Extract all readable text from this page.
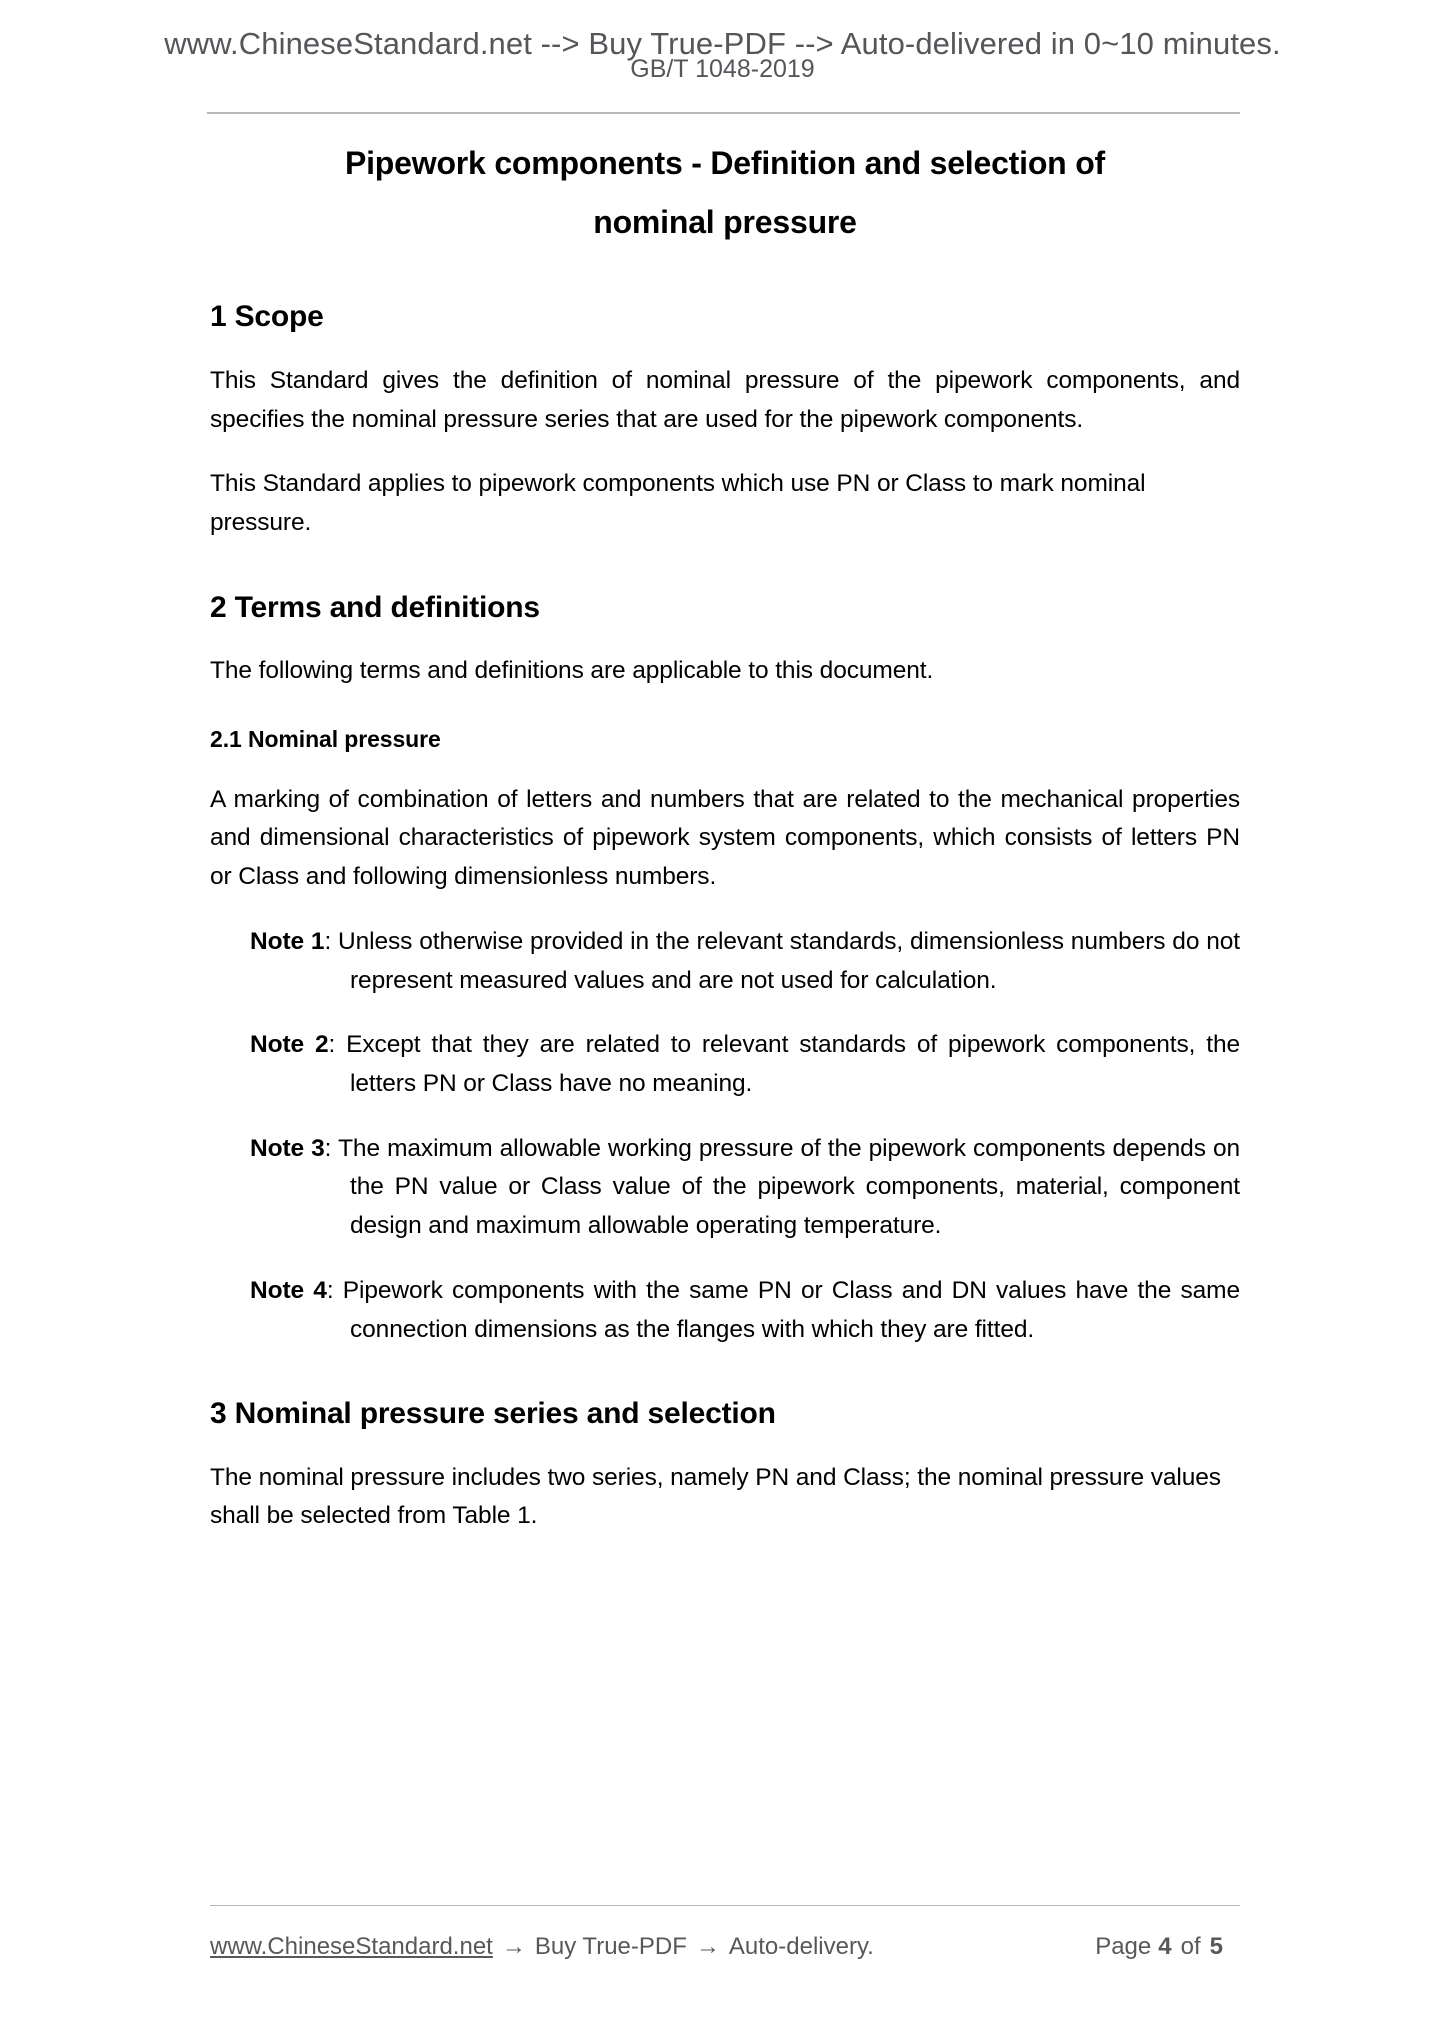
www.ChineseStandard.net --> Buy True-PDF --> Auto-delivered in 0~10 minutes.
GB/T 1048-2019
Pipework components - Definition and selection of
nominal pressure
1 Scope

This Standard gives the definition of nominal pressure of the pipework components, and specifies the nominal pressure series that are used for the pipework components.

This Standard applies to pipework components which use PN or Class to mark nominal pressure.

2 Terms and definitions

The following terms and definitions are applicable to this document.

2.1 Nominal pressure

A marking of combination of letters and numbers that are related to the mechanical properties and dimensional characteristics of pipework system components, which consists of letters PN or Class and following dimensionless numbers.

Note 1: Unless otherwise provided in the relevant standards, dimensionless numbers do not represent measured values and are not used for calculation.

Note 2: Except that they are related to relevant standards of pipework components, the letters PN or Class have no meaning.

Note 3: The maximum allowable working pressure of the pipework components depends on the PN value or Class value of the pipework components, material, component design and maximum allowable operating temperature.

Note 4: Pipework components with the same PN or Class and DN values have the same connection dimensions as the flanges with which they are fitted.

3 Nominal pressure series and selection

The nominal pressure includes two series, namely PN and Class; the nominal pressure values shall be selected from Table 1.

www.ChineseStandard.net → Buy True-PDF → Auto-delivery.	Page 4 of 5
